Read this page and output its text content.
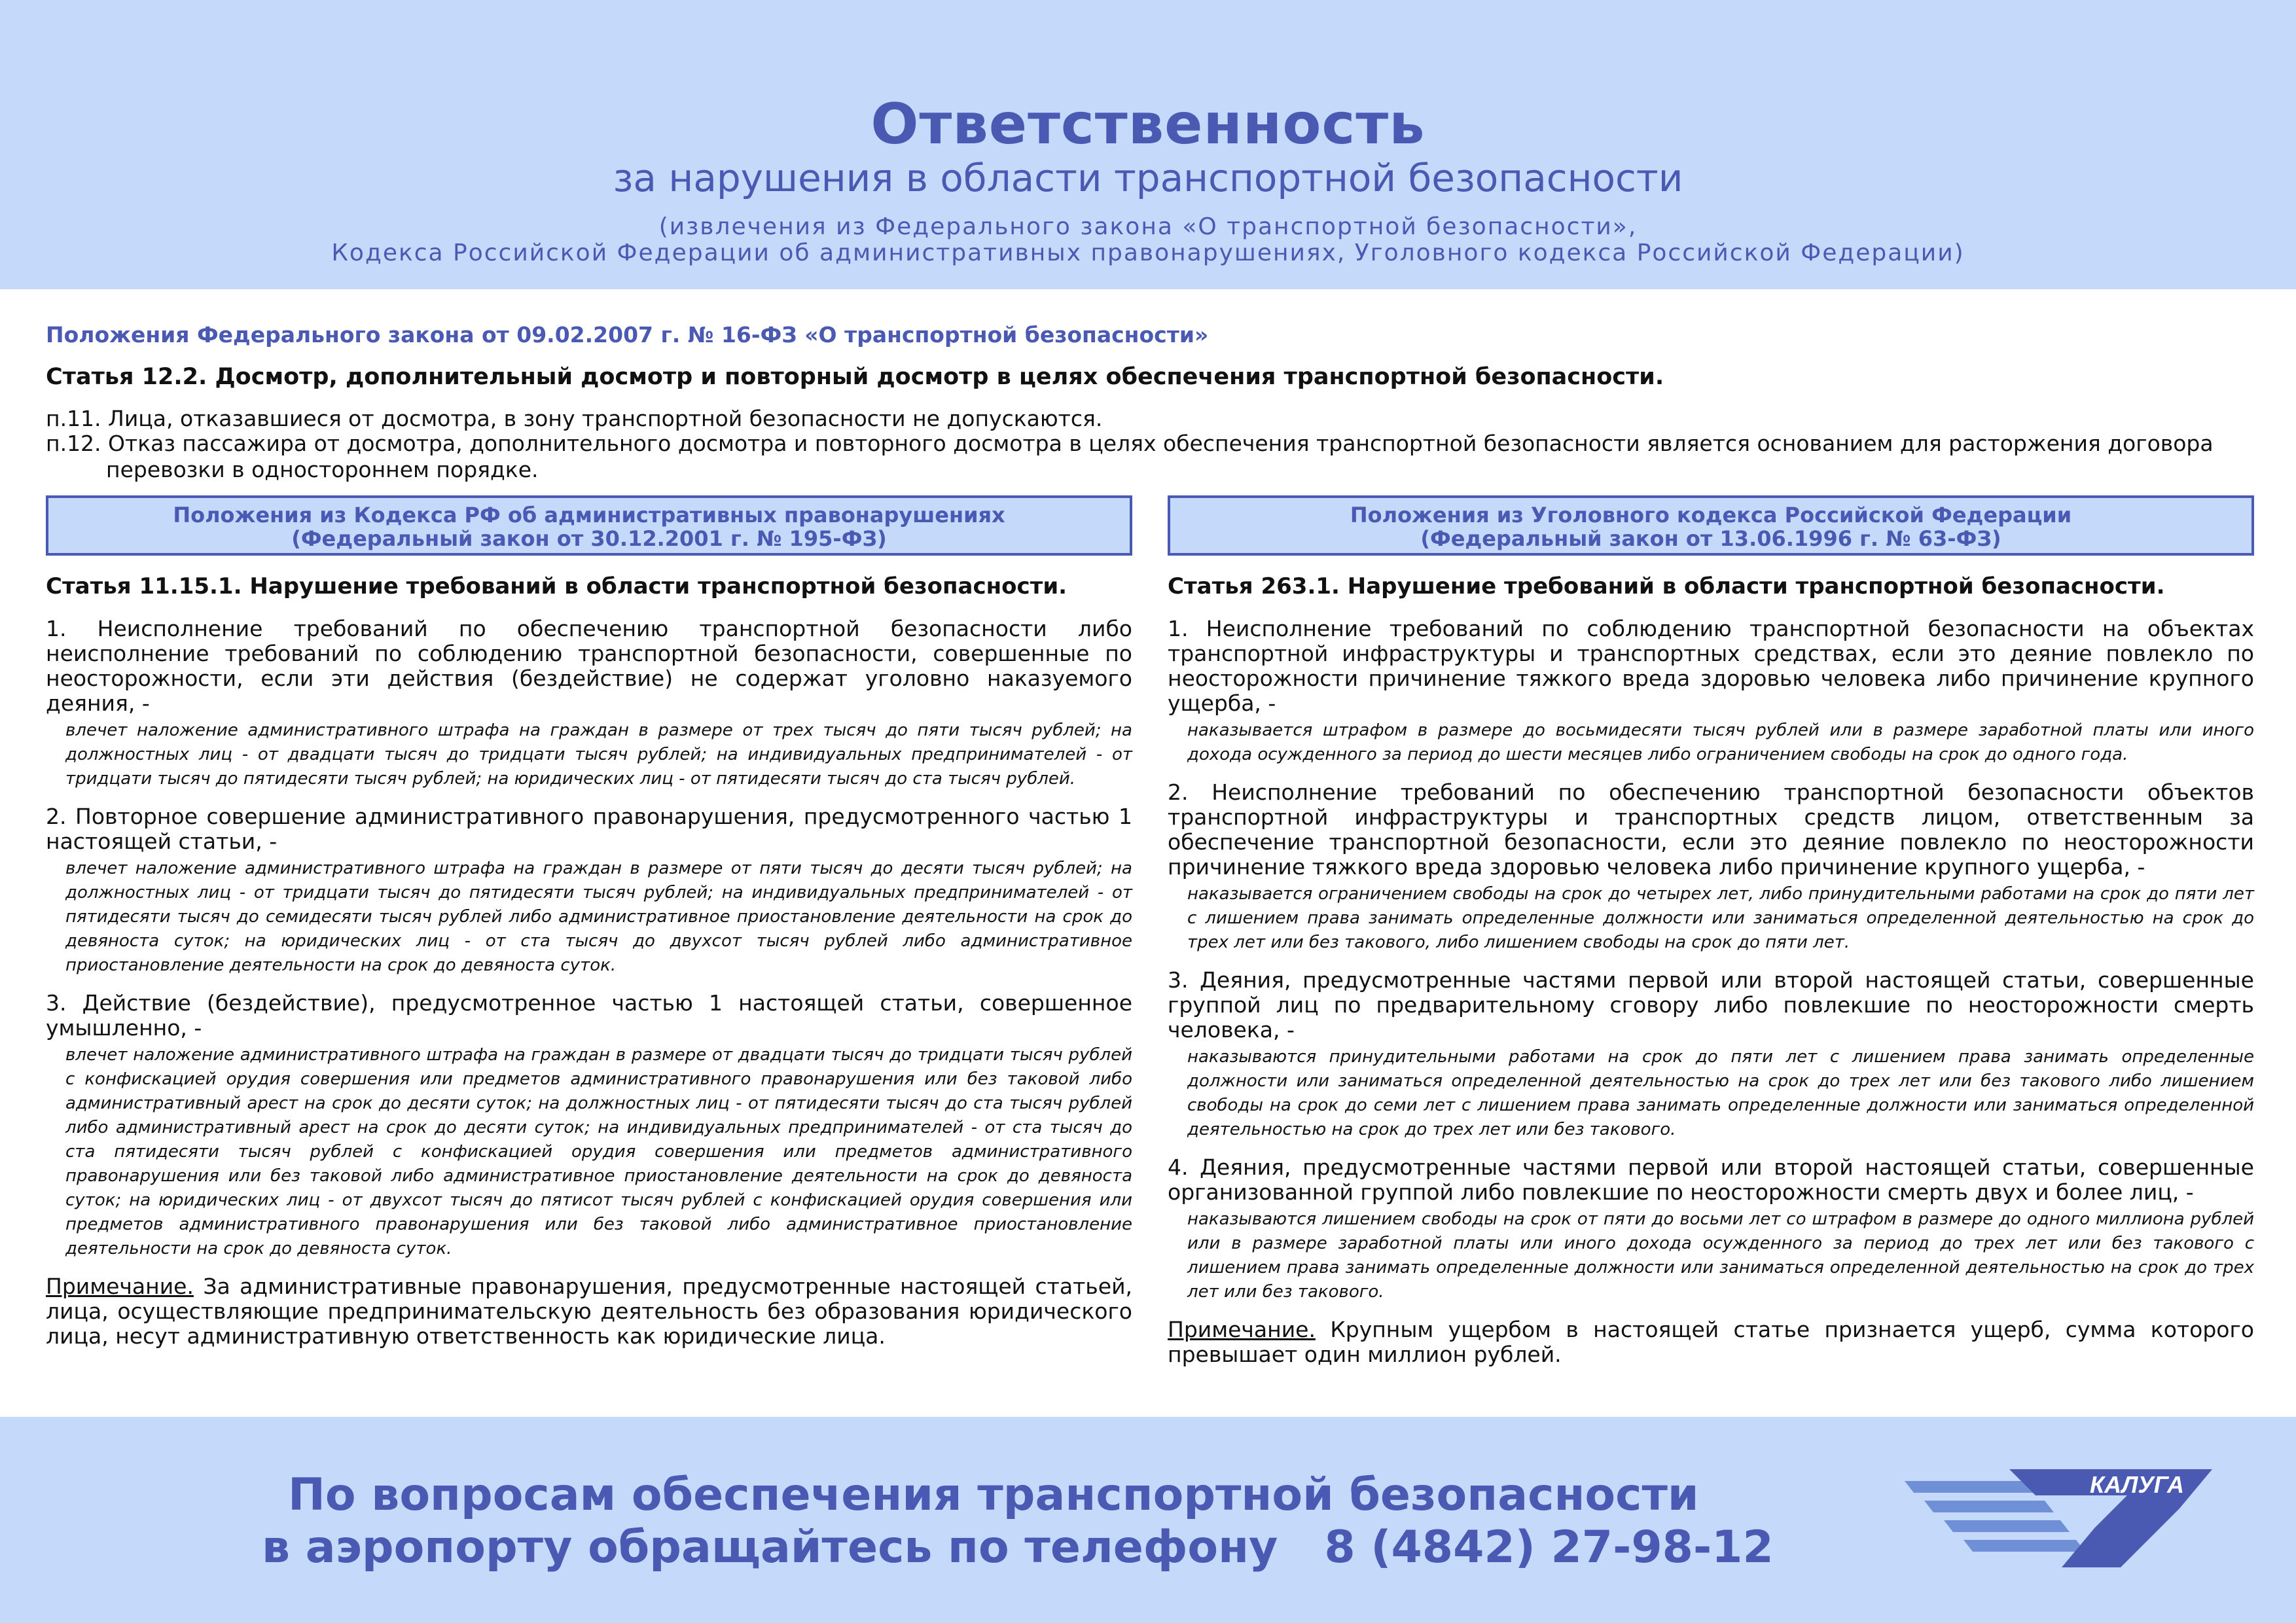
Ответственность
за нарушения в области транспортной безопасности
(извлечения из Федерального закона «О транспортной безопасности»,
Кодекса Российской Федерации об административных правонарушениях, Уголовного кодекса Российской Федерации)
Положения Федерального закона от 09.02.2007 г. № 16-ФЗ «О транспортной безопасности»
Статья 12.2. Досмотр, дополнительный досмотр и повторный досмотр в целях обеспечения транспортной безопасности.
п.11. Лица, отказавшиеся от досмотра, в зону транспортной безопасности не допускаются.
п.12. Отказ пассажира от досмотра, дополнительного досмотра и повторного досмотра в целях обеспечения транспортной безопасности является основанием для расторжения договора перевозки в одностороннем порядке.
Положения из Кодекса РФ об административных правонарушениях
(Федеральный закон от 30.12.2001 г. № 195-ФЗ)
Положения из Уголовного кодекса Российской Федерации
(Федеральный закон от 13.06.1996 г. № 63-ФЗ)
Статья 11.15.1. Нарушение требований в области транспортной безопасности.
1. Неисполнение требований по обеспечению транспортной безопасности либо неисполнение требований по соблюдению транспортной безопасности, совершенные по неосторожности, если эти действия (бездействие) не содержат уголовно наказуемого деяния, -
влечет наложение административного штрафа на граждан в размере от трех тысяч до пяти тысяч рублей; на должностных лиц - от двадцати тысяч до тридцати тысяч рублей; на индивидуальных предпринимателей - от тридцати тысяч до пятидесяти тысяч рублей; на юридических лиц - от пятидесяти тысяч до ста тысяч рублей.
2. Повторное совершение административного правонарушения, предусмотренного частью 1 настоящей статьи, -
влечет наложение административного штрафа на граждан в размере от пяти тысяч до десяти тысяч рублей; на должностных лиц - от тридцати тысяч до пятидесяти тысяч рублей; на индивидуальных предпринимателей - от пятидесяти тысяч до семидесяти тысяч рублей либо административное приостановление деятельности на срок до девяноста суток; на юридических лиц - от ста тысяч до двухсот тысяч рублей либо административное приостановление деятельности на срок до девяноста суток.
3. Действие (бездействие), предусмотренное частью 1 настоящей статьи, совершенное умышленно, -
влечет наложение административного штрафа на граждан в размере от двадцати тысяч до тридцати тысяч рублей с конфискацией орудия совершения или предметов административного правонарушения или без таковой либо административный арест на срок до десяти суток; на должностных лиц - от пятидесяти тысяч до ста тысяч рублей либо административный арест на срок до десяти суток; на индивидуальных предпринимателей - от ста тысяч до ста пятидесяти тысяч рублей с конфискацией орудия совершения или предметов административного правонарушения или без таковой либо административное приостановление деятельности на срок до девяноста суток; на юридических лиц - от двухсот тысяч до пятисот тысяч рублей с конфискацией орудия совершения или предметов административного правонарушения или без таковой либо административное приостановление деятельности на срок до девяноста суток.
Примечание. За административные правонарушения, предусмотренные настоящей статьей, лица, осуществляющие предпринимательскую деятельность без образования юридического лица, несут административную ответственность как юридические лица.
Статья 263.1. Нарушение требований в области транспортной безопасности.
1. Неисполнение требований по соблюдению транспортной безопасности на объектах транспортной инфраструктуры и транспортных средствах, если это деяние повлекло по неосторожности причинение тяжкого вреда здоровью человека либо причинение крупного ущерба, -
наказывается штрафом в размере до восьмидесяти тысяч рублей или в размере заработной платы или иного дохода осужденного за период до шести месяцев либо ограничением свободы на срок до одного года.
2. Неисполнение требований по обеспечению транспортной безопасности объектов транспортной инфраструктуры и транспортных средств лицом, ответственным за обеспечение транспортной безопасности, если это деяние повлекло по неосторожности причинение тяжкого вреда здоровью человека либо причинение крупного ущерба, -
наказывается ограничением свободы на срок до четырех лет, либо принудительными работами на срок до пяти лет с лишением права занимать определенные должности или заниматься определенной деятельностью на срок до трех лет или без такового, либо лишением свободы на срок до пяти лет.
3. Деяния, предусмотренные частями первой или второй настоящей статьи, совершенные группой лиц по предварительному сговору либо повлекшие по неосторожности смерть человека, -
наказываются принудительными работами на срок до пяти лет с лишением права занимать определенные должности или заниматься определенной деятельностью на срок до трех лет или без такового либо лишением свободы на срок до семи лет с лишением права занимать определенные должности или заниматься определенной деятельностью на срок до трех лет или без такового.
4. Деяния, предусмотренные частями первой или второй настоящей статьи, совершенные организованной группой либо повлекшие по неосторожности смерть двух и более лиц, -
наказываются лишением свободы на срок от пяти до восьми лет со штрафом в размере до одного миллиона рублей или в размере заработной платы или иного дохода осужденного за период до трех лет или без такового с лишением права занимать определенные должности или заниматься определенной деятельностью на срок до трех лет или без такового.
Примечание. Крупным ущербом в настоящей статье признается ущерб, сумма которого превышает один миллион рублей.
По вопросам обеспечения транспортной безопасности
в аэропорту обращайтесь по телефону   8 (4842) 27-98-12
КАЛУГА
